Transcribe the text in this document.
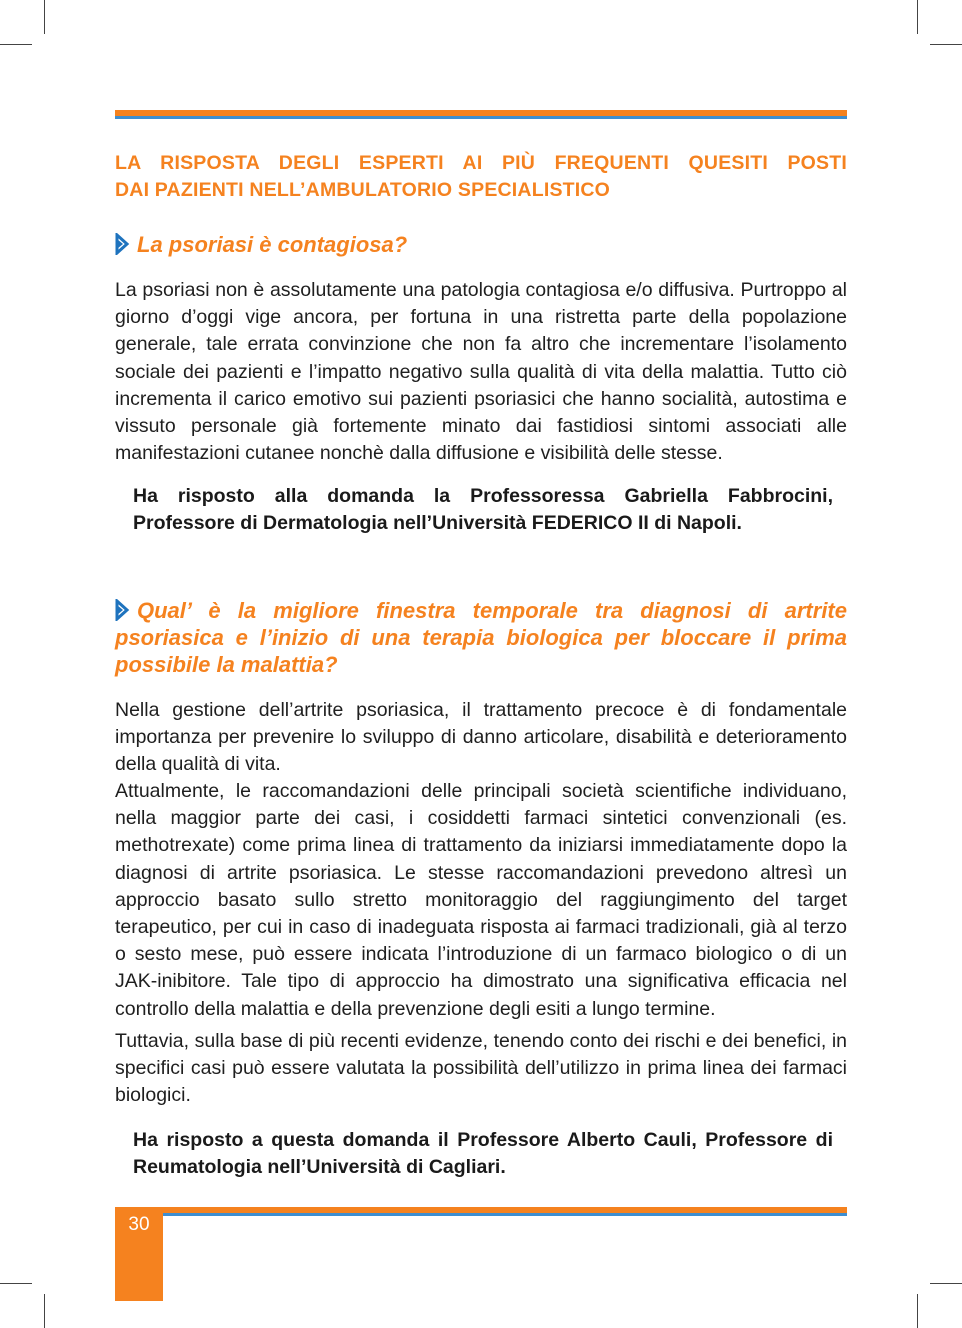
LA RISPOSTA DEGLI ESPERTI AI PIÙ FREQUENTI QUESITI POSTI
DAI PAZIENTI NELL’AMBULATORIO SPECIALISTICO
La psoriasi è contagiosa?

La psoriasi non è assolutamente una patologia contagiosa e/o diffusiva. Purtroppo al giorno d’oggi vige ancora, per fortuna in una ristretta parte della popolazione generale, tale errata convinzione che non fa altro che incrementare l’isolamento sociale dei pazienti e l’impatto negativo sulla qualità di vita della malattia. Tutto ciò incrementa il carico emotivo sui pazienti psoriasici che hanno socialità, autostima e vissuto personale già fortemente minato dai fastidiosi sintomi associati alle manifestazioni cutanee nonchè dalla diffusione e visibilità delle stesse.

Ha risposto alla domanda la Professoressa Gabriella Fabbrocini, Professore di Dermatologia nell’Università FEDERICO II di Napoli.

Qual’ è la migliore finestra temporale tra diagnosi di artrite psoriasica e l’inizio di una terapia biologica per bloccare il prima possibile la malattia?

Nella gestione dell’artrite psoriasica, il trattamento precoce è di fondamentale importanza per prevenire lo sviluppo di danno articolare, disabilità e deterioramento della qualità di vita.

Attualmente, le raccomandazioni delle principali società scientifiche individuano, nella maggior parte dei casi, i cosiddetti farmaci sintetici convenzionali (es. methotrexate) come prima linea di trattamento da iniziarsi immediatamente dopo la diagnosi di artrite psoriasica. Le stesse raccomandazioni prevedono altresì un approccio basato sullo stretto monitoraggio del raggiungimento del target terapeutico, per cui in caso di inadeguata risposta ai farmaci tradizionali, già al terzo o sesto mese, può essere indicata l’introduzione di un farmaco biologico o di un JAK-inibitore. Tale tipo di approccio ha dimostrato una significativa efficacia nel controllo della malattia e della prevenzione degli esiti a lungo termine.

Tuttavia, sulla base di più recenti evidenze, tenendo conto dei rischi e dei benefici, in specifici casi può essere valutata la possibilità dell’utilizzo in prima linea dei farmaci biologici.

Ha risposto a questa domanda il Professore Alberto Cauli, Professore di Reumatologia nell’Università di Cagliari.

30
